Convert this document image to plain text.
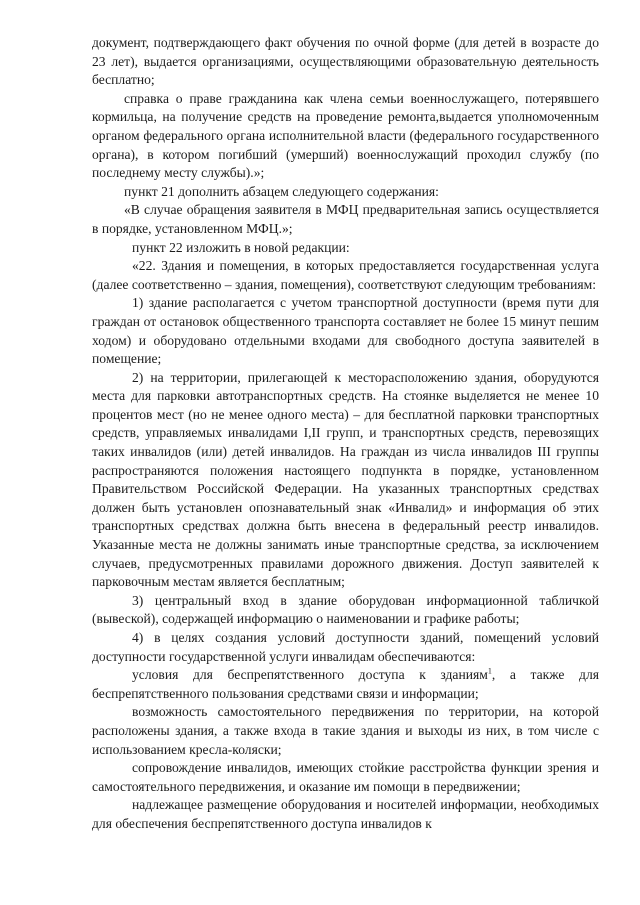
документ, подтверждающего факт обучения по очной форме (для детей в возрасте до 23 лет), выдается организациями, осуществляющими образовательную деятельность бесплатно;

справка о праве гражданина как члена семьи военнослужащего, потерявшего кормильца, на получение средств на проведение ремонта,выдается уполномоченным органом федерального органа исполнительной власти (федерального государственного органа), в котором погибший (умерший) военнослужащий проходил службу (по последнему месту службы).»;

пункт 21 дополнить абзацем следующего содержания:

«В случае обращения заявителя в МФЦ предварительная запись осуществляется в порядке, установленном МФЦ.»;

пункт 22 изложить в новой редакции:

«22. Здания и помещения, в которых предоставляется государственная услуга (далее соответственно – здания, помещения), соответствуют следующим требованиям:

1) здание располагается с учетом транспортной доступности (время пути для граждан от остановок общественного транспорта составляет не более 15 минут пешим ходом) и оборудовано отдельными входами для свободного доступа заявителей в помещение;

2) на территории, прилегающей к месторасположению здания, оборудуются места для парковки автотранспортных средств. На стоянке выделяется не менее 10 процентов мест (но не менее одного места) – для бесплатной парковки транспортных средств, управляемых инвалидами I,II групп, и транспортных средств, перевозящих таких инвалидов (или) детей инвалидов. На граждан из числа инвалидов III группы распространяются положения настоящего подпункта в порядке, установленном Правительством Российской Федерации. На указанных транспортных средствах должен быть установлен опознавательный знак «Инвалид» и информация об этих транспортных средствах должна быть внесена в федеральный реестр инвалидов. Указанные места не должны занимать иные транспортные средства, за исключением случаев, предусмотренных правилами дорожного движения. Доступ заявителей к парковочным местам является бесплатным;

3) центральный вход в здание оборудован информационной табличкой (вывеской), содержащей информацию о наименовании и графике работы;

4) в целях создания условий доступности зданий, помещений условий доступности государственной услуги инвалидам обеспечиваются:

условия для беспрепятственного доступа к зданиям$^1$, а также для беспрепятственного пользования средствами связи и информации;

возможность самостоятельного передвижения по территории, на которой расположены здания, а также входа в такие здания и выходы из них, в том числе с использованием кресла-коляски;

сопровождение инвалидов, имеющих стойкие расстройства функции зрения и самостоятельного передвижения, и оказание им помощи в передвижении;

надлежащее размещение оборудования и носителей информации, необходимых для обеспечения беспрепятственного доступа инвалидов к
